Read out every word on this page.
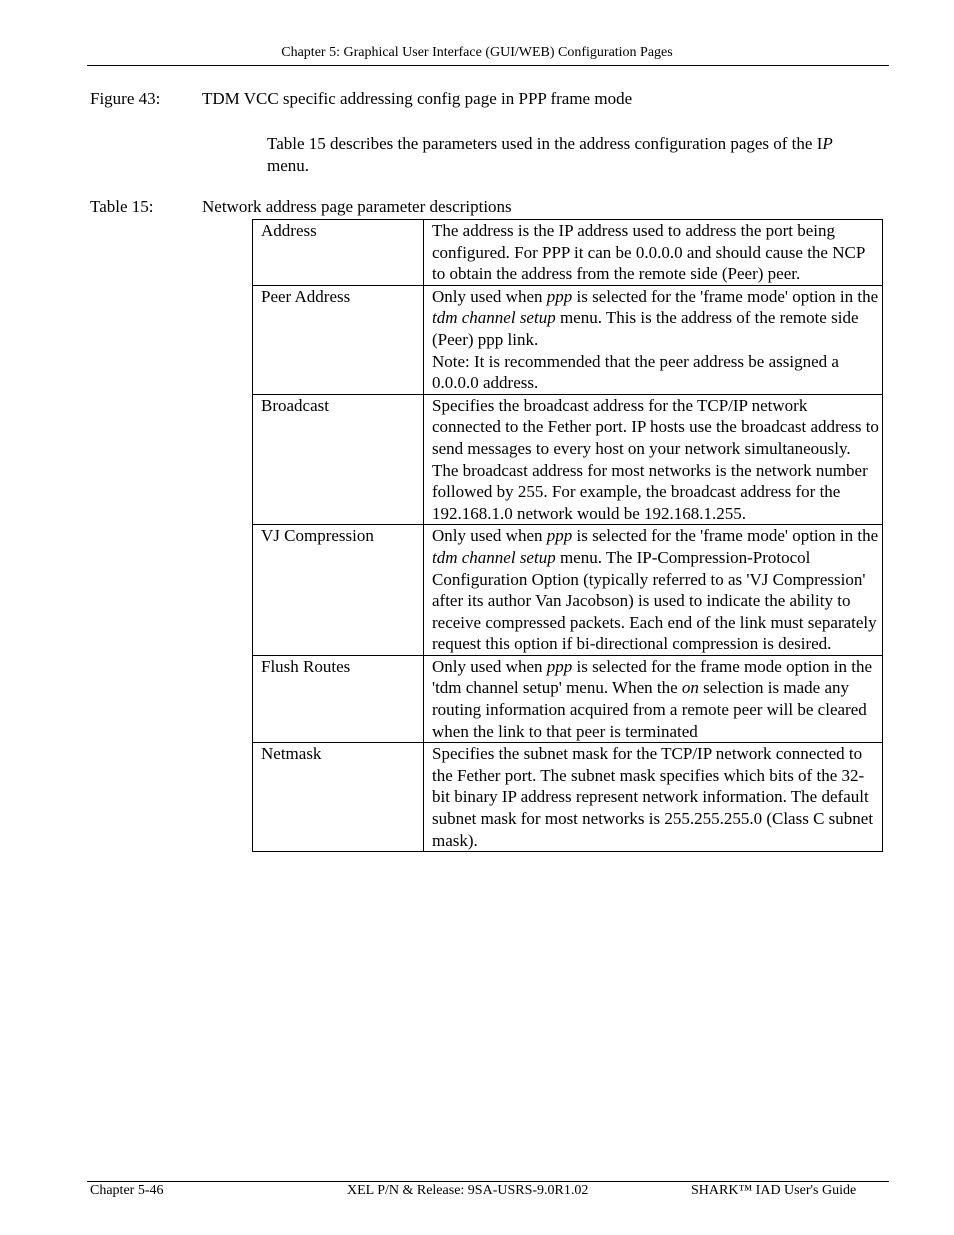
Chapter 5: Graphical User Interface (GUI/WEB) Configuration Pages
Figure 43: TDM VCC specific addressing config page in PPP frame mode
Table 15 describes the parameters used in the address configuration pages of the IP menu.
Table 15:	Network address page parameter descriptions
Address	The address is the IP address used to address the port being configured. For PPP it can be 0.0.0.0 and should cause the NCP to obtain the address from the remote side (Peer) peer.
Peer Address	Only used when ppp is selected for the 'frame mode' option in the tdm channel setup menu. This is the address of the remote side (Peer) ppp link.
Note: It is recommended that the peer address be assigned a 0.0.0.0 address.
Broadcast	Specifies the broadcast address for the TCP/IP network connected to the Fether port. IP hosts use the broadcast address to send messages to every host on your network simultaneously. The broadcast address for most networks is the network number followed by 255. For example, the broadcast address for the 192.168.1.0 network would be 192.168.1.255.
VJ Compression	Only used when ppp is selected for the 'frame mode' option in the tdm channel setup menu. The IP-Compression-Protocol Configuration Option (typically referred to as 'VJ Compression' after its author Van Jacobson) is used to indicate the ability to receive compressed packets. Each end of the link must separately request this option if bi-directional compression is desired.
Flush Routes	Only used when ppp is selected for the frame mode option in the 'tdm channel setup' menu. When the on selection is made any routing information acquired from a remote peer will be cleared when the link to that peer is terminated
Netmask	Specifies the subnet mask for the TCP/IP network connected to the Fether port. The subnet mask specifies which bits of the 32-bit binary IP address represent network information. The default subnet mask for most networks is 255.255.255.0 (Class C subnet mask).
Chapter 5-46	XEL P/N & Release: 9SA-USRS-9.0R1.02	SHARK™ IAD User's Guide
